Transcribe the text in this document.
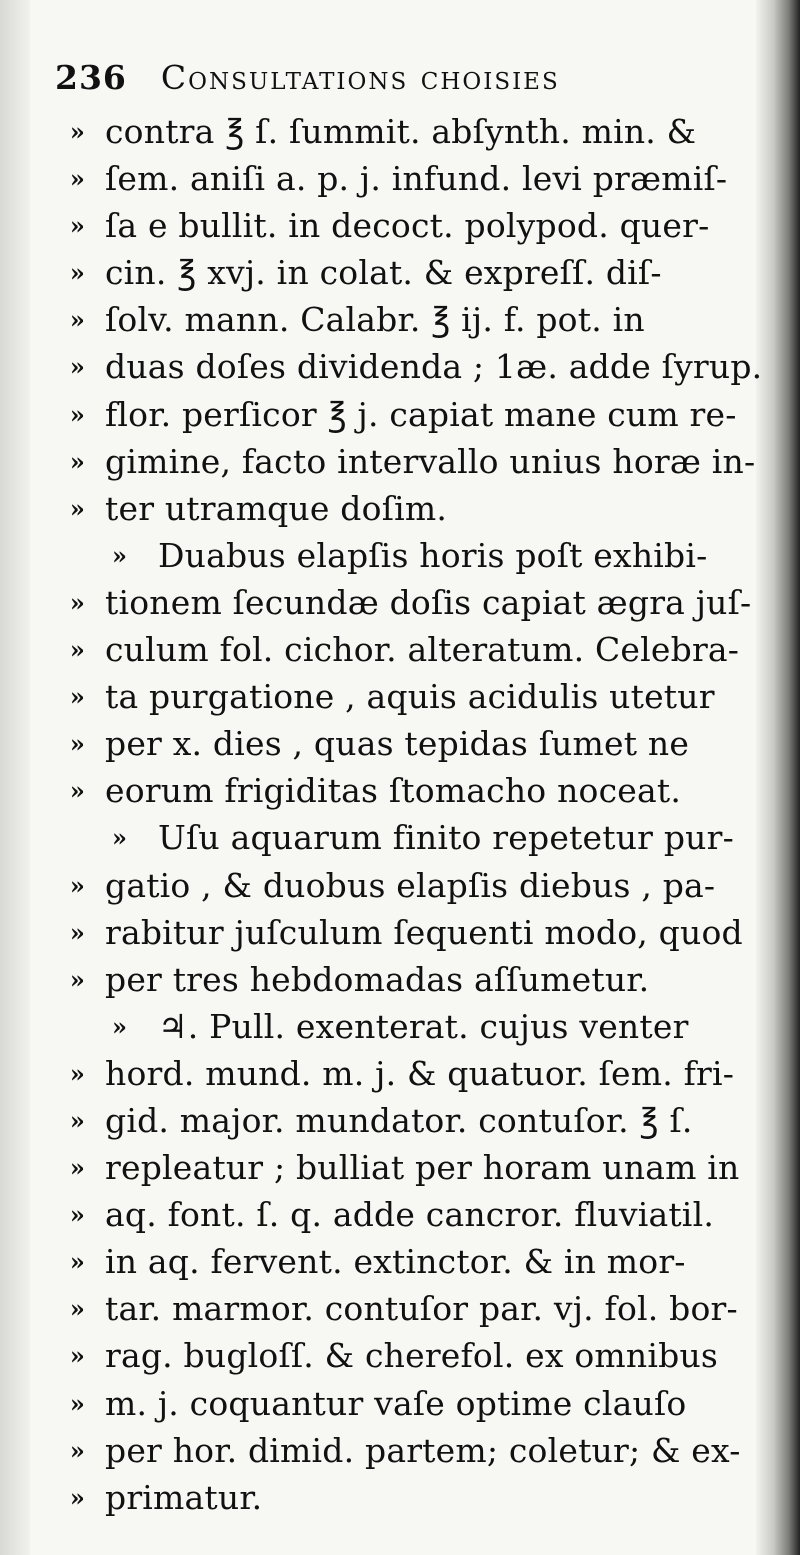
236 Consultations choisies
» contra ℥ ſ. ſummit. abſynth. min. &
» ſem. aniſi a. p. j. infund. levi præmiſ-
» ſa e bullit. in decoct. polypod. quer-
» cin. ℥ xvj. in colat. & expreſſ. diſ-
» ſolv. mann. Calabr. ℥ ij. f. pot. in
» duas doſes dividenda ; 1æ. adde ſyrup.
» flor. perſicor ℥ j. capiat mane cum re-
» gimine, facto intervallo unius horæ in-
» ter utramque doſim.
» Duabus elapſis horis poſt exhibi-
» tionem ſecundæ doſis capiat ægra juſ-
» culum fol. cichor. alteratum. Celebra-
» ta purgatione , aquis acidulis utetur
» per x. dies , quas tepidas ſumet ne
» eorum frigiditas ſtomacho noceat.
» Uſu aquarum finito repetetur pur-
» gatio , & duobus elapſis diebus , pa-
» rabitur juſculum ſequenti modo, quod
» per tres hebdomadas aſſumetur.
» ♃. Pull. exenterat. cujus venter
» hord. mund. m. j. & quatuor. ſem. fri-
» gid. major. mundator. contuſor. ℥ ſ.
» repleatur ; bulliat per horam unam in
» aq. font. ſ. q. adde cancror. fluviatil.
» in aq. fervent. extinctor. & in mor-
» tar. marmor. contuſor par. vj. fol. bor-
» rag. bugloſſ. & cherefol. ex omnibus
» m. j. coquantur vaſe optime clauſo
» per hor. dimid. partem; coletur; & ex-
» primatur.
